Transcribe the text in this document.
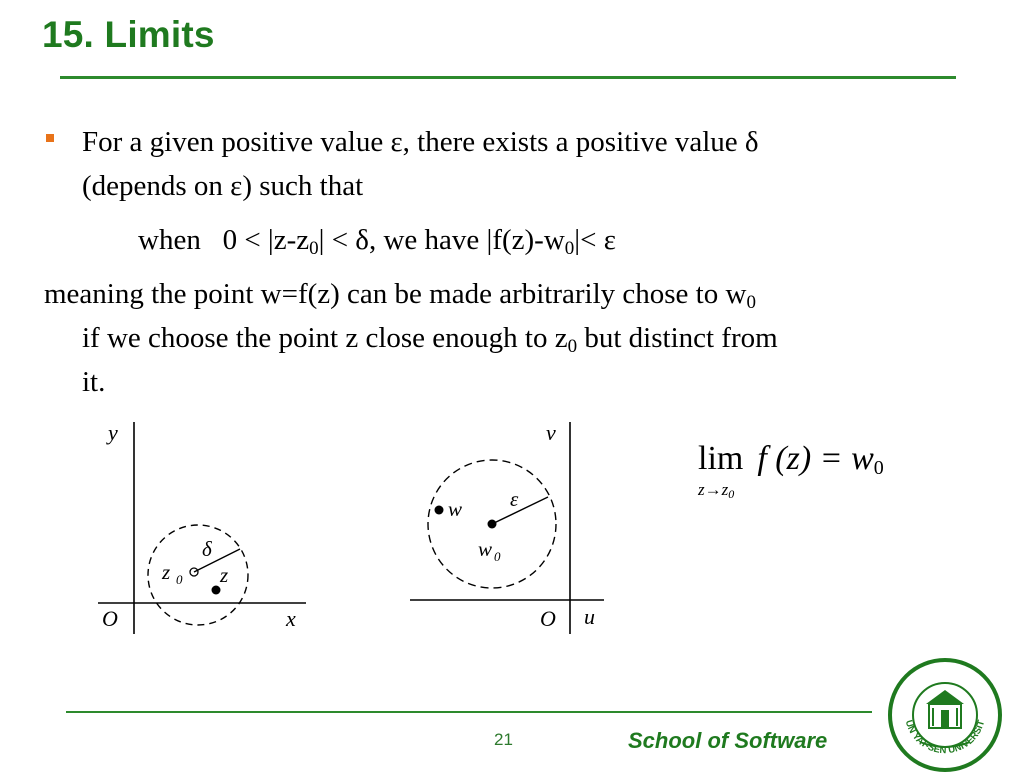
15. Limits
For a given positive value ε, there exists a positive value δ
(depends on ε) such that
when $0 < |z-z_0| < \delta$, we have $|f(z)-w_0|< \varepsilon$
meaning the point w=f(z) can be made arbitrarily chose to $w_0$
if we choose the point z close enough to $z_0$ but distinct from
it.
y
x
O
z 0
δ
z
v
u
O
w 0
ε
w
lim f $(z) = w_0$
$z\to z_0$
21	School of Software
UN YAT-SEN UNIVERSIT
